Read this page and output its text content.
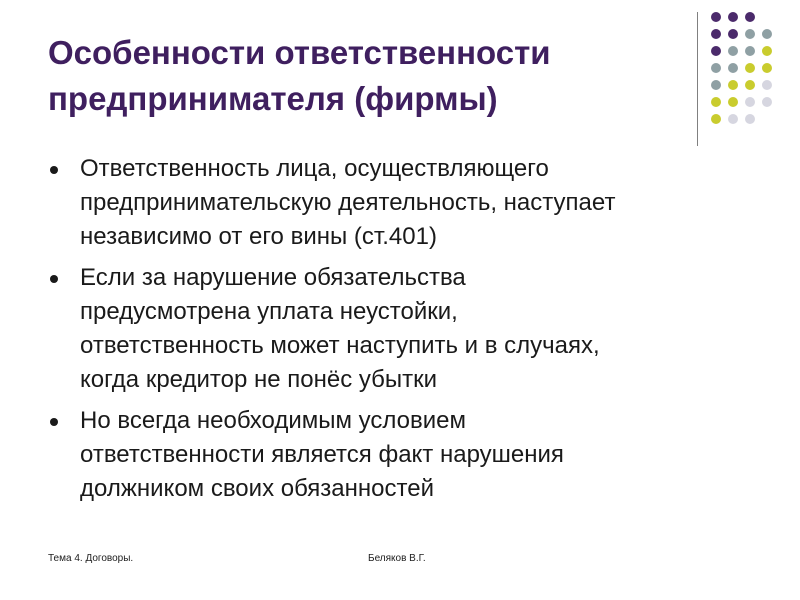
Особенности ответственности
предпринимателя (фирмы)
Ответственность лица, осуществляющего
предпринимательскую деятельность, наступает
независимо от его вины (ст.401)
Если за нарушение обязательства
предусмотрена уплата неустойки,
ответственность может наступить и в случаях,
когда кредитор не понёс убытки
Но всегда необходимым условием
ответственности является факт нарушения
должником своих обязанностей
Тема 4. Договоры.	Беляков В.Г.
